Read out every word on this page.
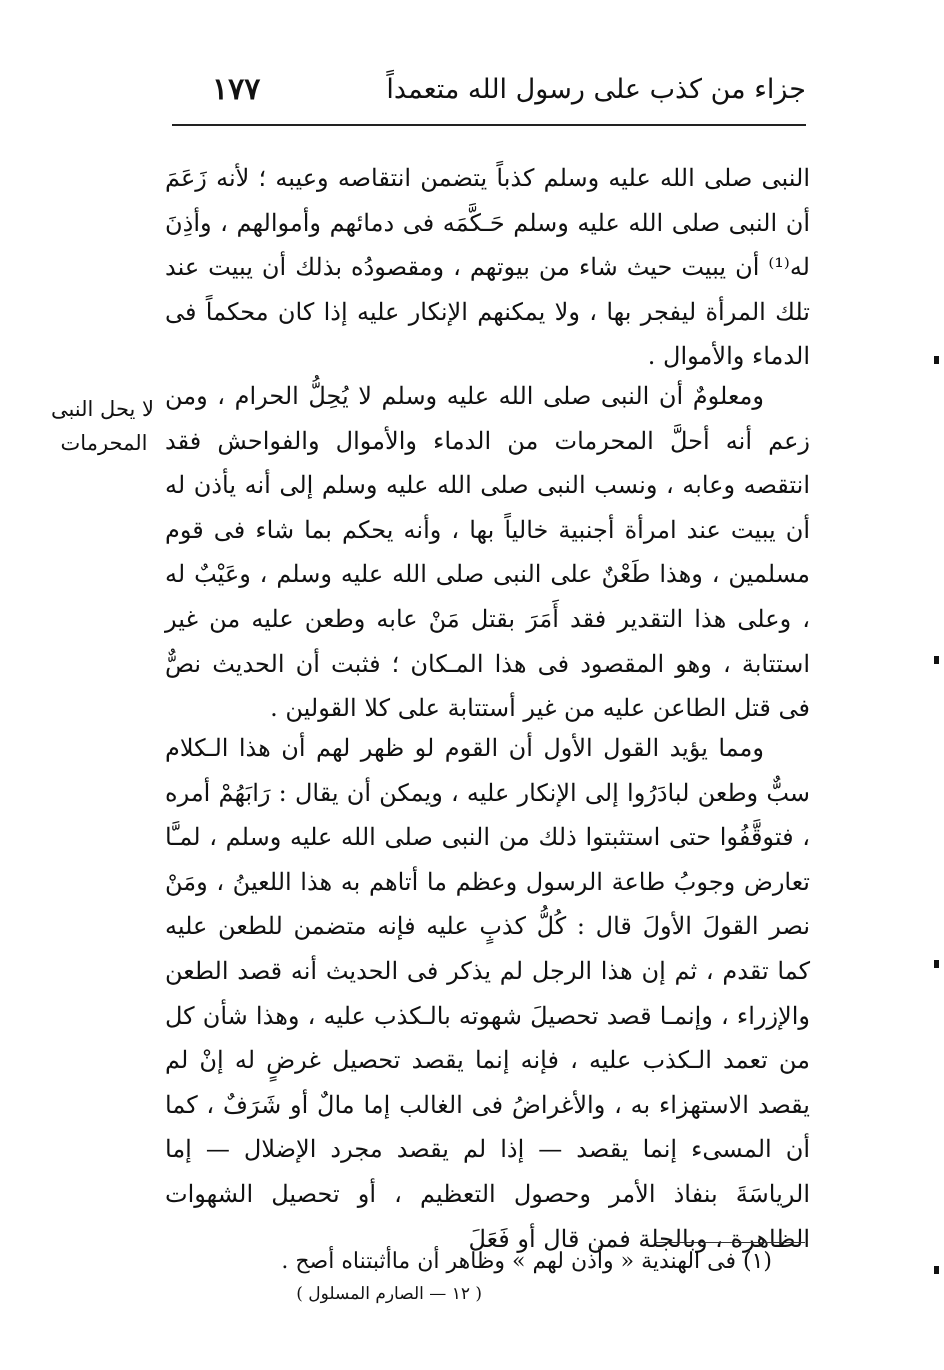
جزاء من كذب على رسول الله متعمداً
١٧٧

النبى صلى الله عليه وسلم كذباً يتضمن انتقاصه وعيبه ؛ لأنه زَعَمَ أن النبى صلى الله عليه وسلم حَـكَّمَه فى دمائهم وأموالهم ، وأذِنَ له⁽¹⁾ أن يبيت حيث شاء من بيوتهم ، ومقصودُه بذلك أن يبيت عند تلك المرأة ليفجر بها ، ولا يمكنهم الإنكار عليه إذا كان محكماً فى الدماء والأموال .

لا يحل النبى
المحرمات

ومعلومٌ أن النبى صلى الله عليه وسلم لا يُحِلُّ الحرام ، ومن زعم أنه أحلَّ المحرمات من الدماء والأموال والفواحش فقد انتقصه وعابه ، ونسب النبى صلى الله عليه وسلم إلى أنه يأذن له أن يبيت عند امرأة أجنبية خالياً بها ، وأنه يحكم بما شاء فى قوم مسلمين ، وهذا طَعْنٌ على النبى صلى الله عليه وسلم ، وعَيْبٌ له ، وعلى هذا التقدير فقد أَمَرَ بقتل مَنْ عابه وطعن عليه من غير استتابة ، وهو المقصود فى هذا المـكان ؛ فثبت أن الحديث نصٌّ فى قتل الطاعن عليه من غير أستتابة على كلا القولين .

ومما يؤيد القول الأول أن القوم لو ظهر لهم أن هذا الـكلام سبٌّ وطعن لبادَرُوا إلى الإنكار عليه ، ويمكن أن يقال : رَابَهُمْ أمره ، فتوقَّفُوا حتى استثبتوا ذلك من النبى صلى الله عليه وسلم ، لمـَّا تعارض وجوبُ طاعة الرسول وعظم ما أتاهم به هذا اللعينُ ، ومَنْ نصر القولَ الأولَ قال : كُلُّ كذبٍ عليه فإنه متضمن للطعن عليه كما تقدم ، ثم إن هذا الرجل لم يذكر فى الحديث أنه قصد الطعن والإزراء ، وإنمـا قصد تحصيلَ شهوته بالـكذب عليه ، وهذا شأن كل من تعمد الـكذب عليه ، فإنه إنما يقصد تحصيل غرضٍ له إنْ لم يقصد الاستهزاء به ، والأغراضُ فى الغالب إما مالٌ أو شَرَفٌ ، كما أن المسىء إنما يقصد — إذا لم يقصد مجرد الإضلال — إما الرياسَةَ بنفاذ الأمر وحصول التعظيم ، أو تحصيل الشهوات الظاهرة ، وبالجلة فمن قال أو فَعَلَ

(١) فى الهندية « وأذن لهم » وظاهر أن ماأثبتناه أصح .
( ١٢ — الصارم المسلول )
